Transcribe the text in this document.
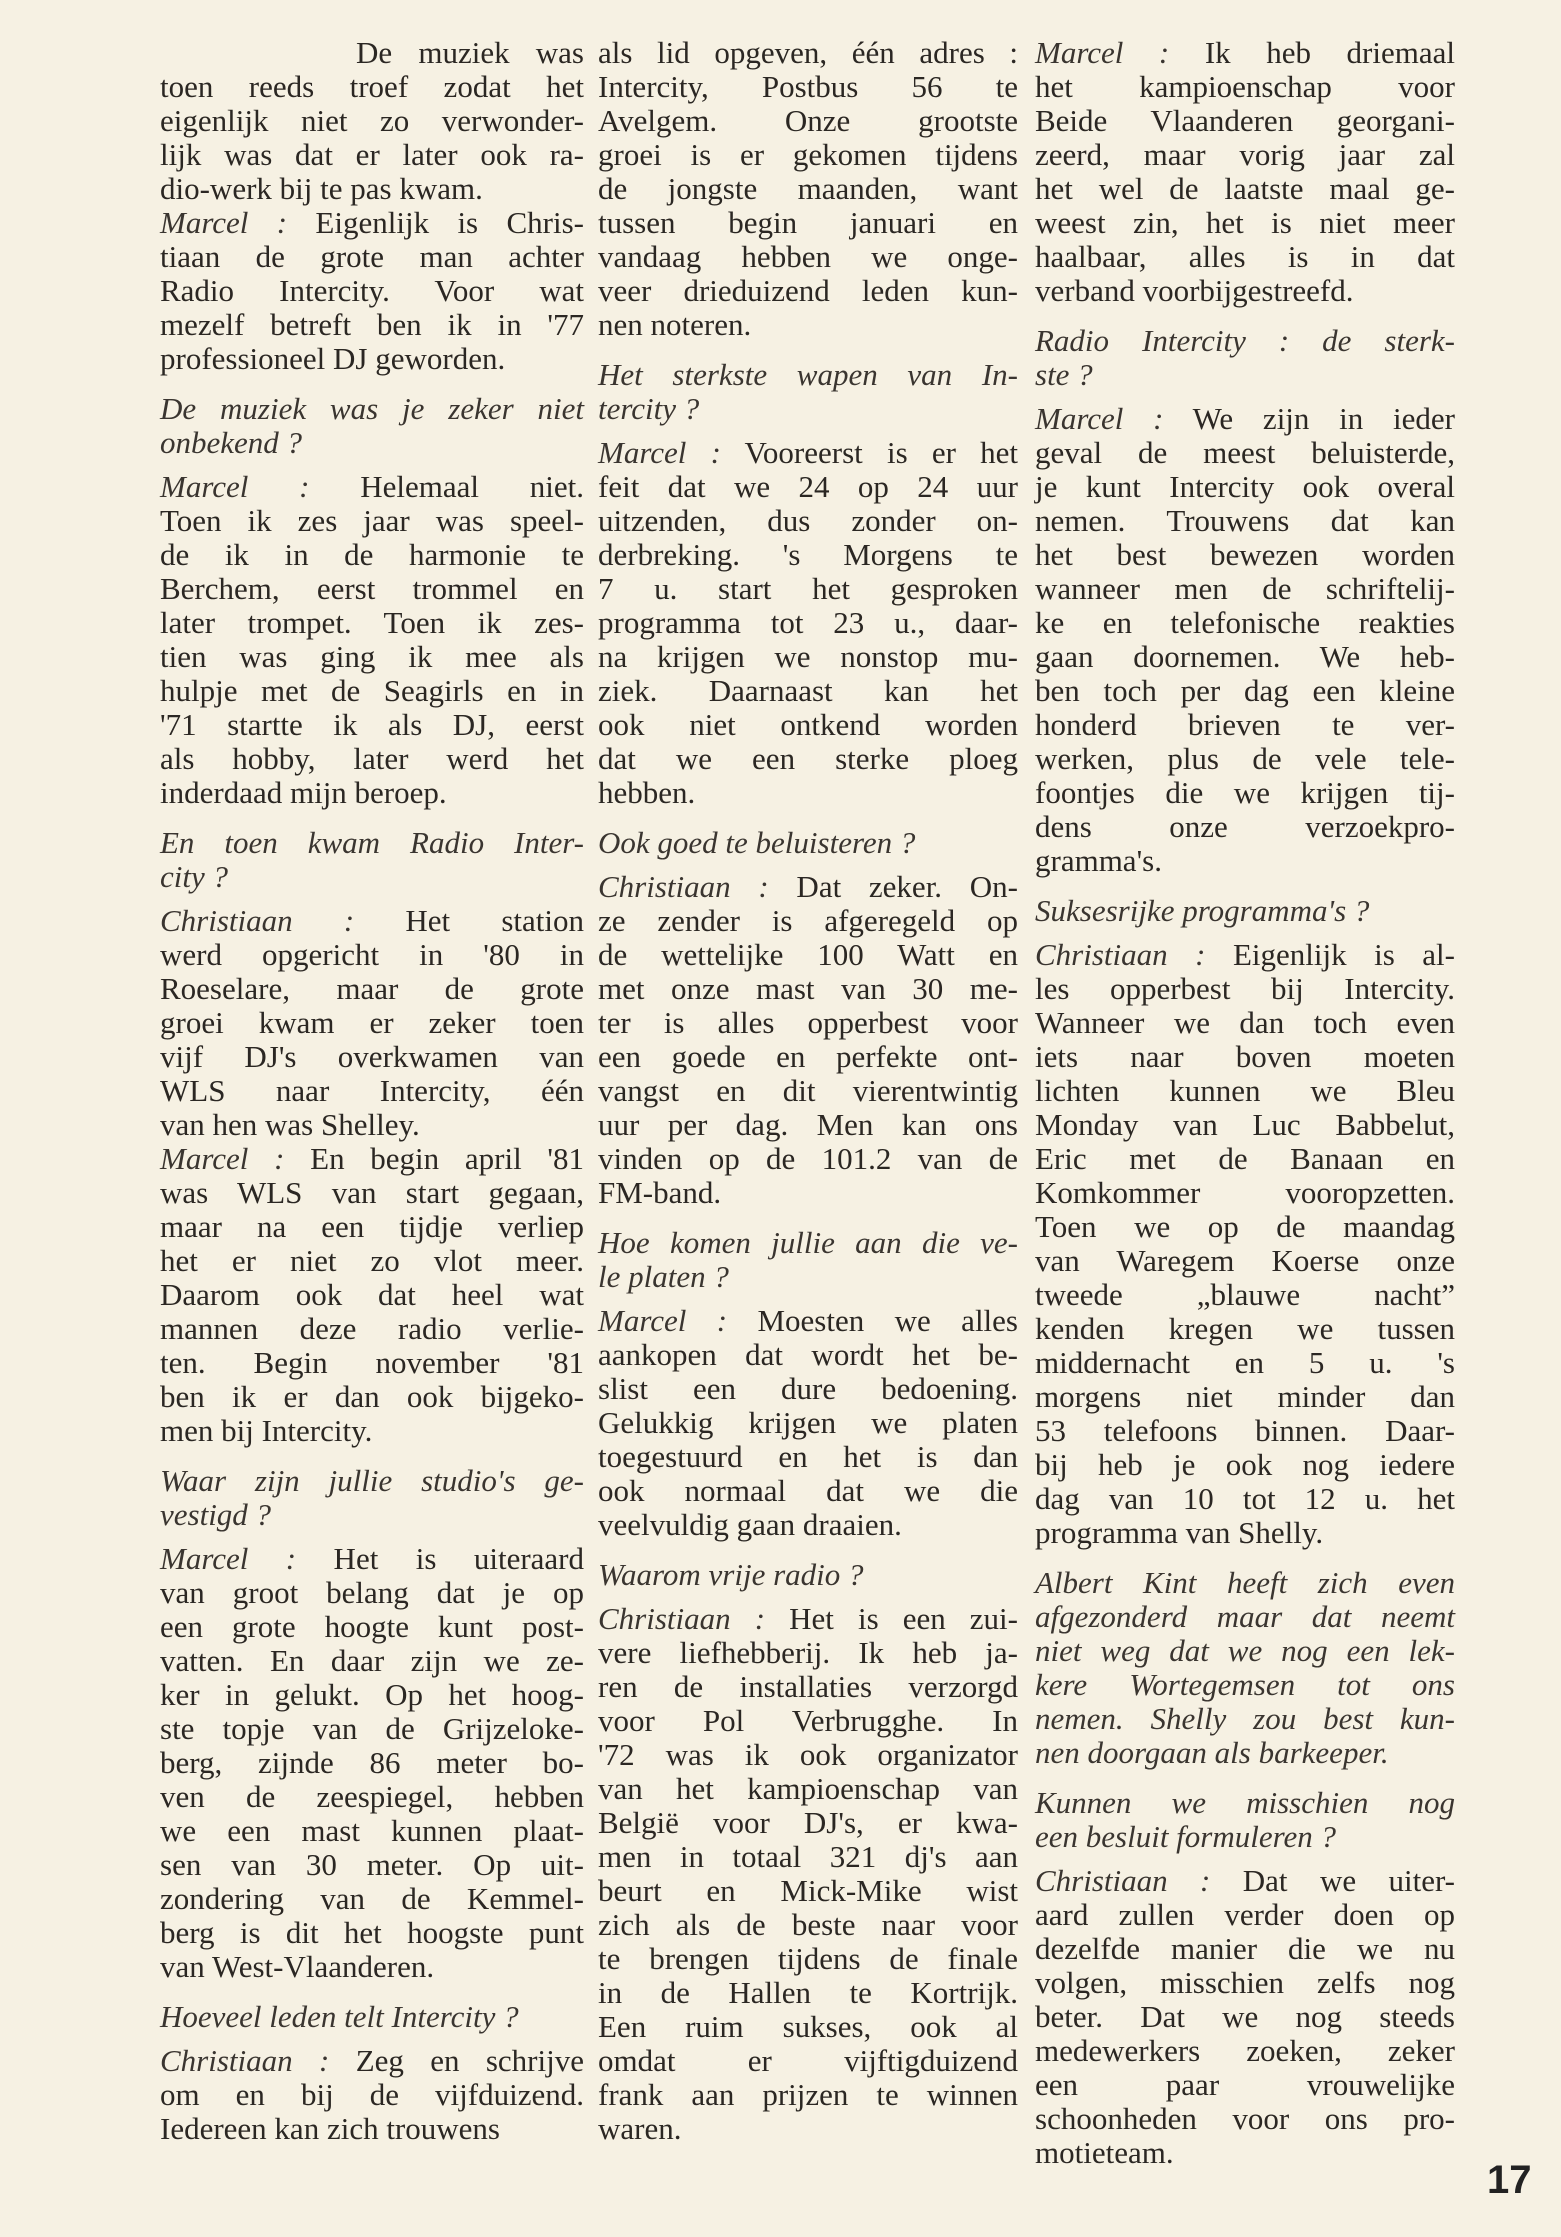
De muziek was
toen reeds troef zodat het
eigenlijk niet zo verwonder-
lijk was dat er later ook ra-
dio-werk bij te pas kwam.
Marcel : Eigenlijk is Chris-
tiaan de grote man achter
Radio Intercity. Voor wat
mezelf betreft ben ik in '77
professioneel DJ geworden.
De muziek was je zeker niet
onbekend ?
Marcel : Helemaal niet.
Toen ik zes jaar was speel-
de ik in de harmonie te
Berchem, eerst trommel en
later trompet. Toen ik zes-
tien was ging ik mee als
hulpje met de Seagirls en in
'71 startte ik als DJ, eerst
als hobby, later werd het
inderdaad mijn beroep.
En toen kwam Radio Inter-
city ?
Christiaan : Het station
werd opgericht in '80 in
Roeselare, maar de grote
groei kwam er zeker toen
vijf DJ's overkwamen van
WLS naar Intercity, één
van hen was Shelley.
Marcel : En begin april '81
was WLS van start gegaan,
maar na een tijdje verliep
het er niet zo vlot meer.
Daarom ook dat heel wat
mannen deze radio verlie-
ten. Begin november '81
ben ik er dan ook bijgeko-
men bij Intercity.
Waar zijn jullie studio's ge-
vestigd ?
Marcel : Het is uiteraard
van groot belang dat je op
een grote hoogte kunt post-
vatten. En daar zijn we ze-
ker in gelukt. Op het hoog-
ste topje van de Grijzeloke-
berg, zijnde 86 meter bo-
ven de zeespiegel, hebben
we een mast kunnen plaat-
sen van 30 meter. Op uit-
zondering van de Kemmel-
berg is dit het hoogste punt
van West-Vlaanderen.
Hoeveel leden telt Intercity ?
Christiaan : Zeg en schrijve
om en bij de vijfduizend.
Iedereen kan zich trouwens
als lid opgeven, één adres :
Intercity, Postbus 56 te
Avelgem. Onze grootste
groei is er gekomen tijdens
de jongste maanden, want
tussen begin januari en
vandaag hebben we onge-
veer drieduizend leden kun-
nen noteren.
Het sterkste wapen van In-
tercity ?
Marcel : Vooreerst is er het
feit dat we 24 op 24 uur
uitzenden, dus zonder on-
derbreking. 's Morgens te
7 u. start het gesproken
programma tot 23 u., daar-
na krijgen we nonstop mu-
ziek. Daarnaast kan het
ook niet ontkend worden
dat we een sterke ploeg
hebben.
Ook goed te beluisteren ?
Christiaan : Dat zeker. On-
ze zender is afgeregeld op
de wettelijke 100 Watt en
met onze mast van 30 me-
ter is alles opperbest voor
een goede en perfekte ont-
vangst en dit vierentwintig
uur per dag. Men kan ons
vinden op de 101.2 van de
FM-band.
Hoe komen jullie aan die ve-
le platen ?
Marcel : Moesten we alles
aankopen dat wordt het be-
slist een dure bedoening.
Gelukkig krijgen we platen
toegestuurd en het is dan
ook normaal dat we die
veelvuldig gaan draaien.
Waarom vrije radio ?
Christiaan : Het is een zui-
vere liefhebberij. Ik heb ja-
ren de installaties verzorgd
voor Pol Verbrugghe. In
'72 was ik ook organizator
van het kampioenschap van
België voor DJ's, er kwa-
men in totaal 321 dj's aan
beurt en Mick-Mike wist
zich als de beste naar voor
te brengen tijdens de finale
in de Hallen te Kortrijk.
Een ruim sukses, ook al
omdat er vijftigduizend
frank aan prijzen te winnen
waren.
Marcel : Ik heb driemaal
het kampioenschap voor
Beide Vlaanderen georgani-
zeerd, maar vorig jaar zal
het wel de laatste maal ge-
weest zin, het is niet meer
haalbaar, alles is in dat
verband voorbijgestreefd.
Radio Intercity : de sterk-
ste ?
Marcel : We zijn in ieder
geval de meest beluisterde,
je kunt Intercity ook overal
nemen. Trouwens dat kan
het best bewezen worden
wanneer men de schriftelij-
ke en telefonische reakties
gaan doornemen. We heb-
ben toch per dag een kleine
honderd brieven te ver-
werken, plus de vele tele-
foontjes die we krijgen tij-
dens onze verzoekpro-
gramma's.
Suksesrijke programma's ?
Christiaan : Eigenlijk is al-
les opperbest bij Intercity.
Wanneer we dan toch even
iets naar boven moeten
lichten kunnen we Bleu
Monday van Luc Babbelut,
Eric met de Banaan en
Komkommer vooropzetten.
Toen we op de maandag
van Waregem Koerse onze
tweede „blauwe nacht”
kenden kregen we tussen
middernacht en 5 u. 's
morgens niet minder dan
53 telefoons binnen. Daar-
bij heb je ook nog iedere
dag van 10 tot 12 u. het
programma van Shelly.
Albert Kint heeft zich even
afgezonderd maar dat neemt
niet weg dat we nog een lek-
kere Wortegemsen tot ons
nemen. Shelly zou best kun-
nen doorgaan als barkeeper.
Kunnen we misschien nog
een besluit formuleren ?
Christiaan : Dat we uiter-
aard zullen verder doen op
dezelfde manier die we nu
volgen, misschien zelfs nog
beter. Dat we nog steeds
medewerkers zoeken, zeker
een paar vrouwelijke
schoonheden voor ons pro-
motieteam.
17
